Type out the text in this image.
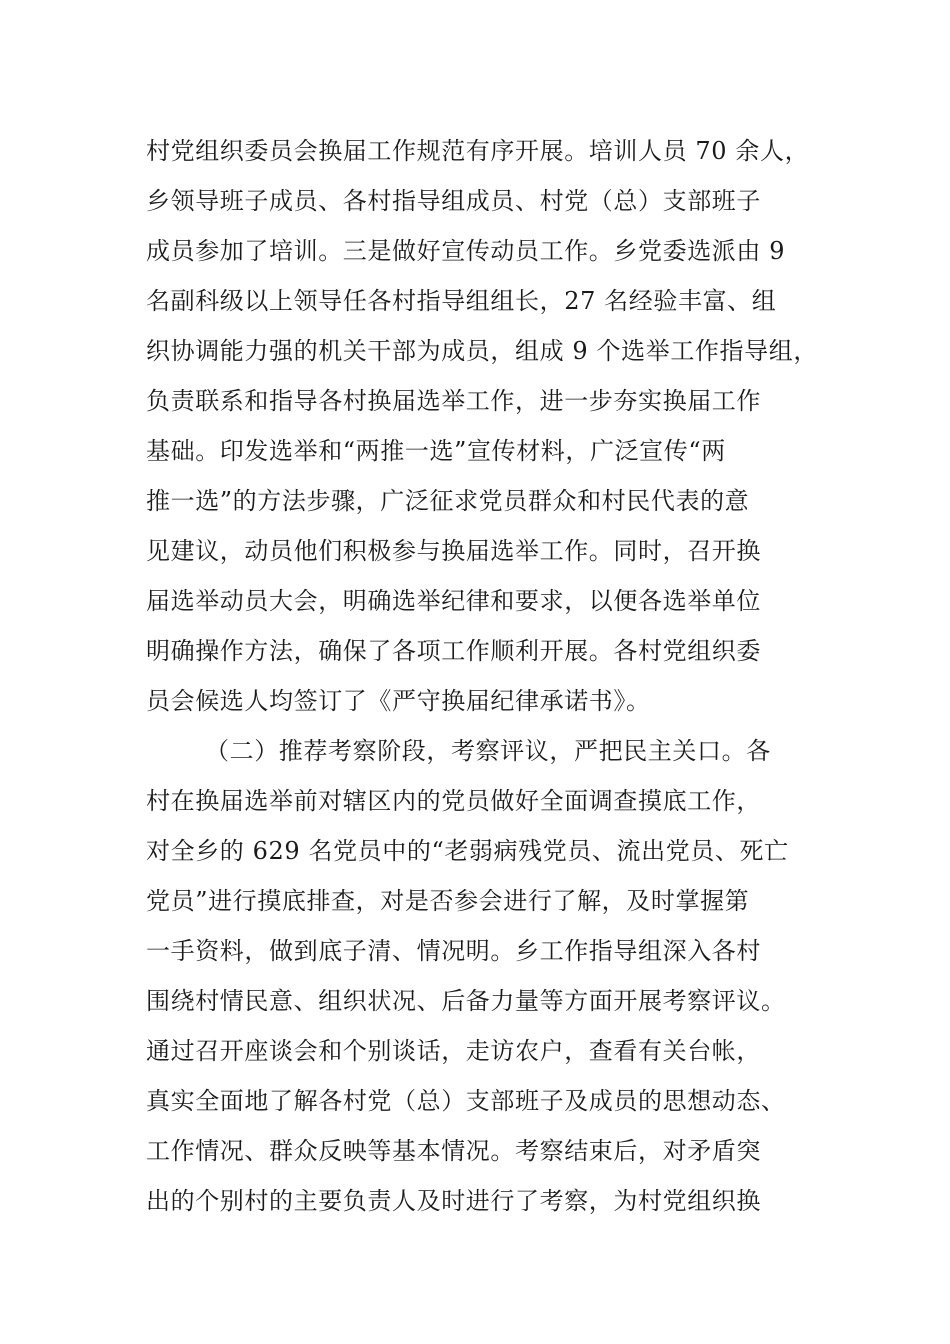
村党组织委员会换届工作规范有序开展。培训人员 70 余人，
乡领导班子成员、各村指导组成员、村党（总）支部班子
成员参加了培训。三是做好宣传动员工作。乡党委选派由 9
名副科级以上领导任各村指导组组长，27 名经验丰富、组
织协调能力强的机关干部为成员，组成 9 个选举工作指导组，
负责联系和指导各村换届选举工作，进一步夯实换届工作
基础。印发选举和“两推一选”宣传材料，广泛宣传“两
推一选”的方法步骤，广泛征求党员群众和村民代表的意
见建议，动员他们积极参与换届选举工作。同时，召开换
届选举动员大会，明确选举纪律和要求，以便各选举单位
明确操作方法，确保了各项工作顺利开展。各村党组织委
员会候选人均签订了《严守换届纪律承诺书》。
（二）推荐考察阶段，考察评议，严把民主关口。各
村在换届选举前对辖区内的党员做好全面调查摸底工作，
对全乡的 629 名党员中的“老弱病残党员、流出党员、死亡
党员”进行摸底排查，对是否参会进行了解，及时掌握第
一手资料，做到底子清、情况明。乡工作指导组深入各村
围绕村情民意、组织状况、后备力量等方面开展考察评议。
通过召开座谈会和个别谈话，走访农户，查看有关台帐，
真实全面地了解各村党（总）支部班子及成员的思想动态、
工作情况、群众反映等基本情况。考察结束后，对矛盾突
出的个别村的主要负责人及时进行了考察，为村党组织换
